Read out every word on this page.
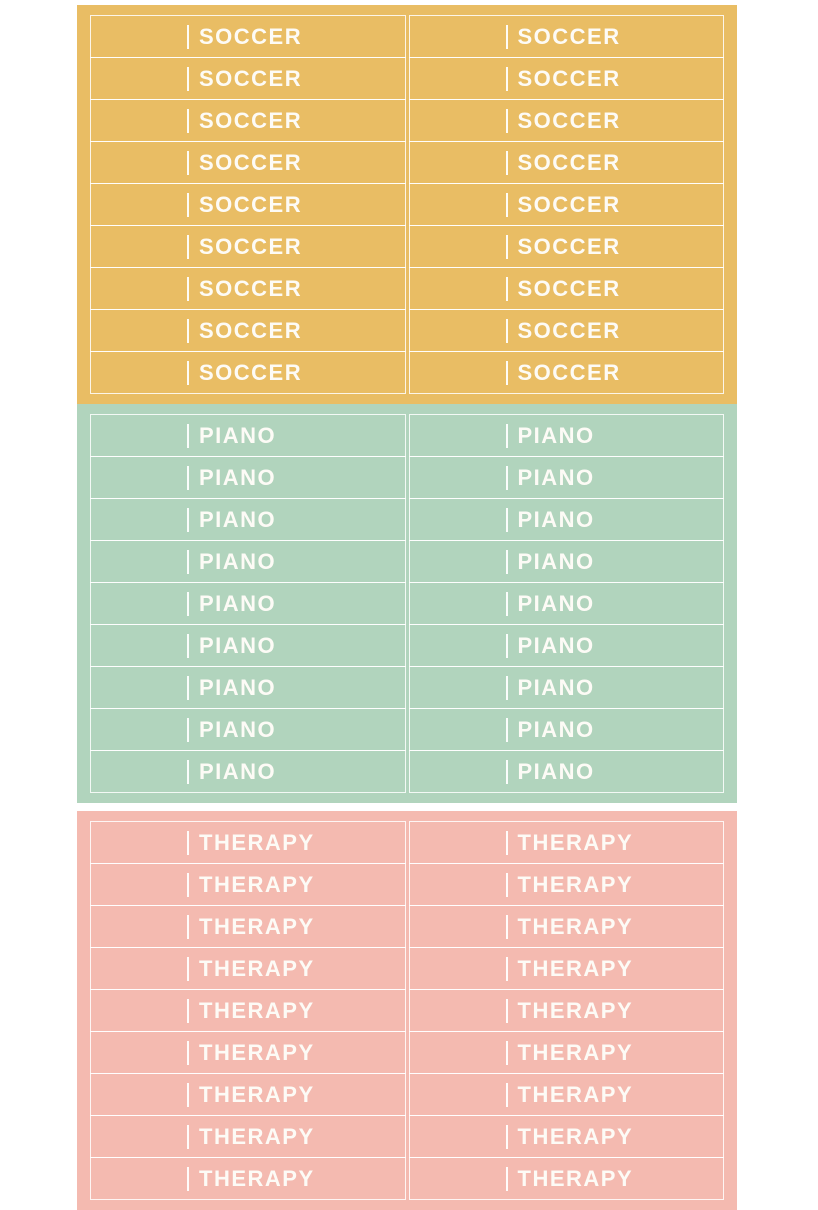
SOCCER	SOCCER
SOCCER	SOCCER
SOCCER	SOCCER
SOCCER	SOCCER
SOCCER	SOCCER
SOCCER	SOCCER
SOCCER	SOCCER
SOCCER	SOCCER
SOCCER	SOCCER
PIANO	PIANO
PIANO	PIANO
PIANO	PIANO
PIANO	PIANO
PIANO	PIANO
PIANO	PIANO
PIANO	PIANO
PIANO	PIANO
PIANO	PIANO
THERAPY	THERAPY
THERAPY	THERAPY
THERAPY	THERAPY
THERAPY	THERAPY
THERAPY	THERAPY
THERAPY	THERAPY
THERAPY	THERAPY
THERAPY	THERAPY
THERAPY	THERAPY
